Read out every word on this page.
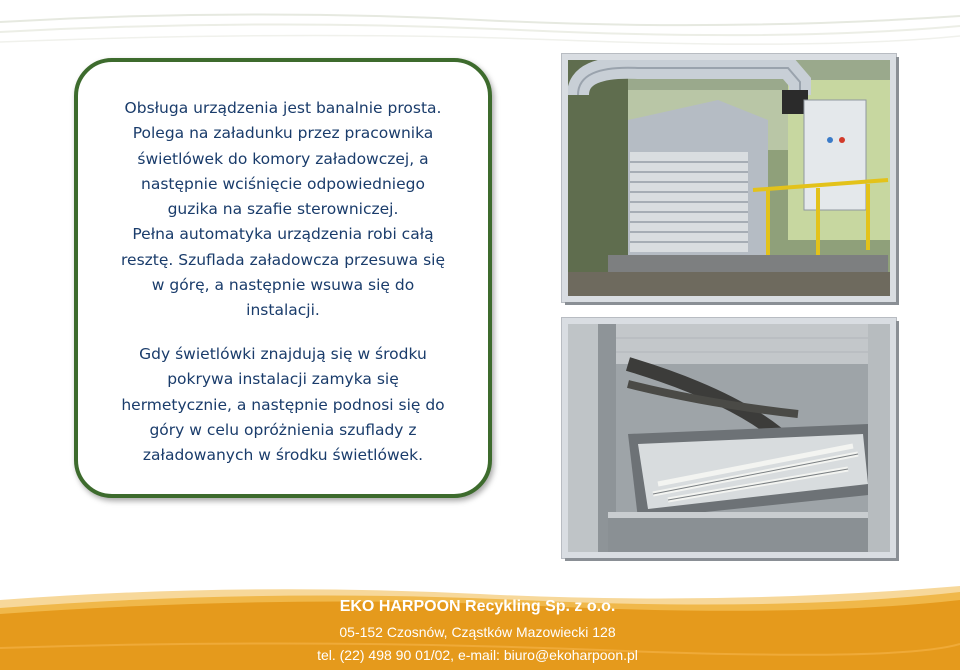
Obsługa urządzenia jest banalnie prosta.

Polega na załadunku przez pracownika

świetlówek do komory załadowczej, a

następnie wciśnięcie odpowiedniego

guzika na szafie sterowniczej.

Pełna automatyka urządzenia robi całą

resztę. Szuflada załadowcza przesuwa się

w górę, a następnie wsuwa się do

instalacji.

Gdy świetlówki znajdują się w środku

pokrywa instalacji zamyka się

hermetycznie, a następnie podnosi się do

góry w celu opróżnienia szuflady z

załadowanych w środku świetlówek.

EKO HARPOON Recykling Sp. z o.o.
05-152 Czosnów, Cząstków Mazowiecki 128
tel. (22) 498 90 01/02, e-mail: biuro@ekoharpoon.pl
